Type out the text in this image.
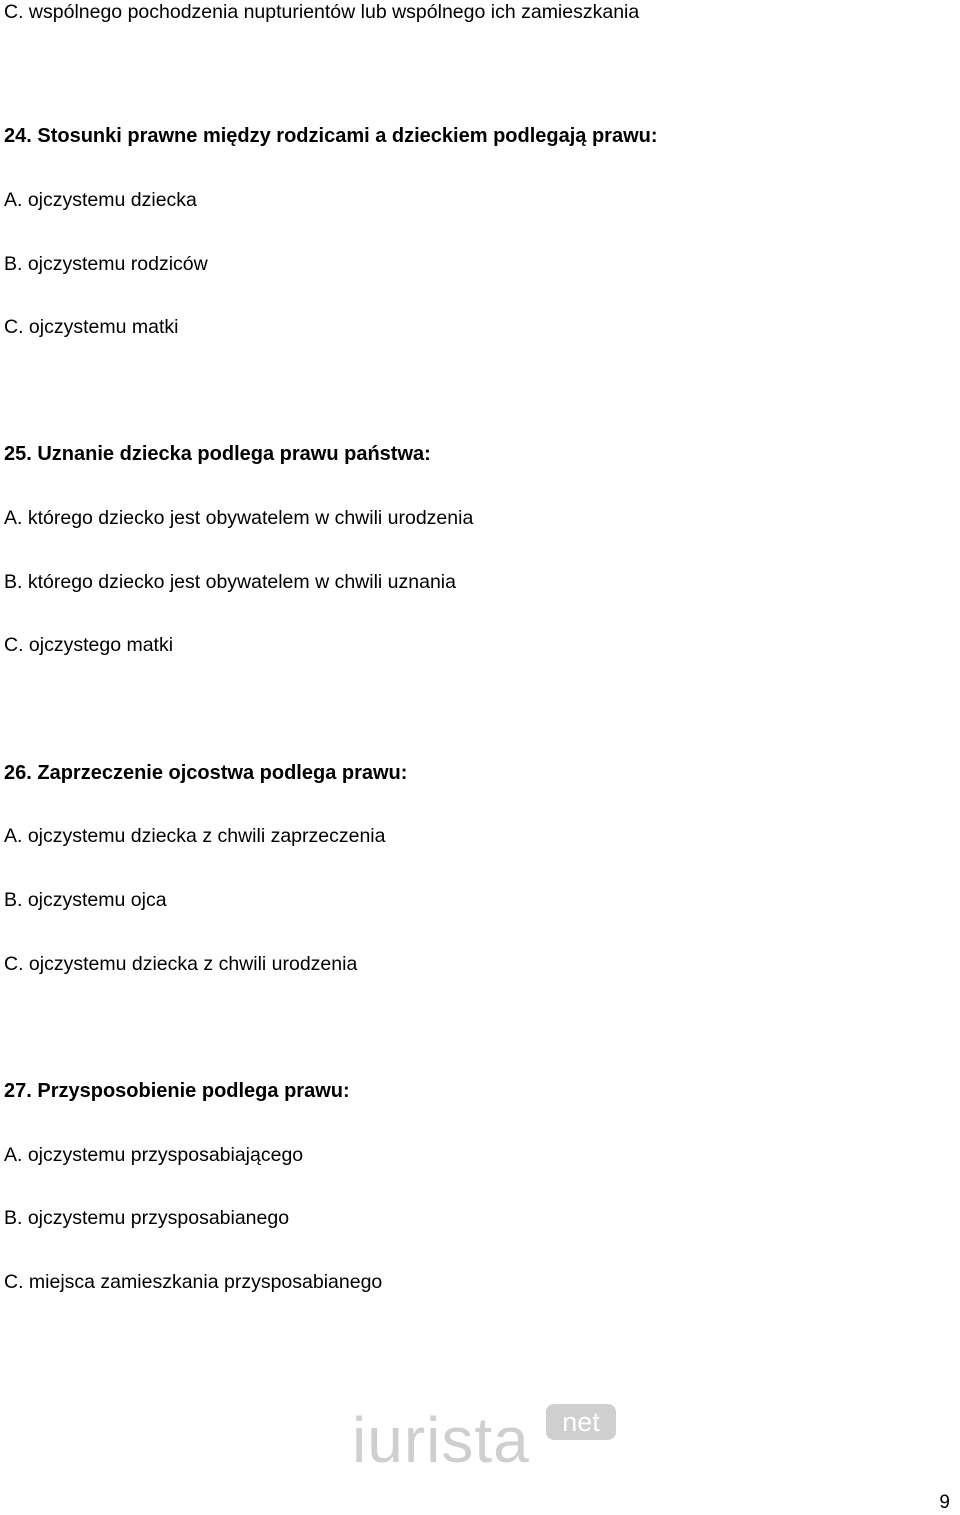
C. wspólnego pochodzenia nupturientów lub wspólnego ich zamieszkania
24. Stosunki prawne między rodzicami a dzieckiem podlegają prawu:
A. ojczystemu dziecka
B. ojczystemu rodziców
C. ojczystemu matki
25. Uznanie dziecka podlega prawu państwa:
A. którego dziecko jest obywatelem w chwili urodzenia
B. którego dziecko jest obywatelem w chwili uznania
C. ojczystego matki
26. Zaprzeczenie ojcostwa podlega prawu:
A. ojczystemu dziecka z chwili zaprzeczenia
B. ojczystemu ojca
C. ojczystemu dziecka z chwili urodzenia
27. Przysposobienie podlega prawu:
A. ojczystemu przysposabiającego
B. ojczystemu przysposabianego
C. miejsca zamieszkania przysposabianego
net
iurista
9
